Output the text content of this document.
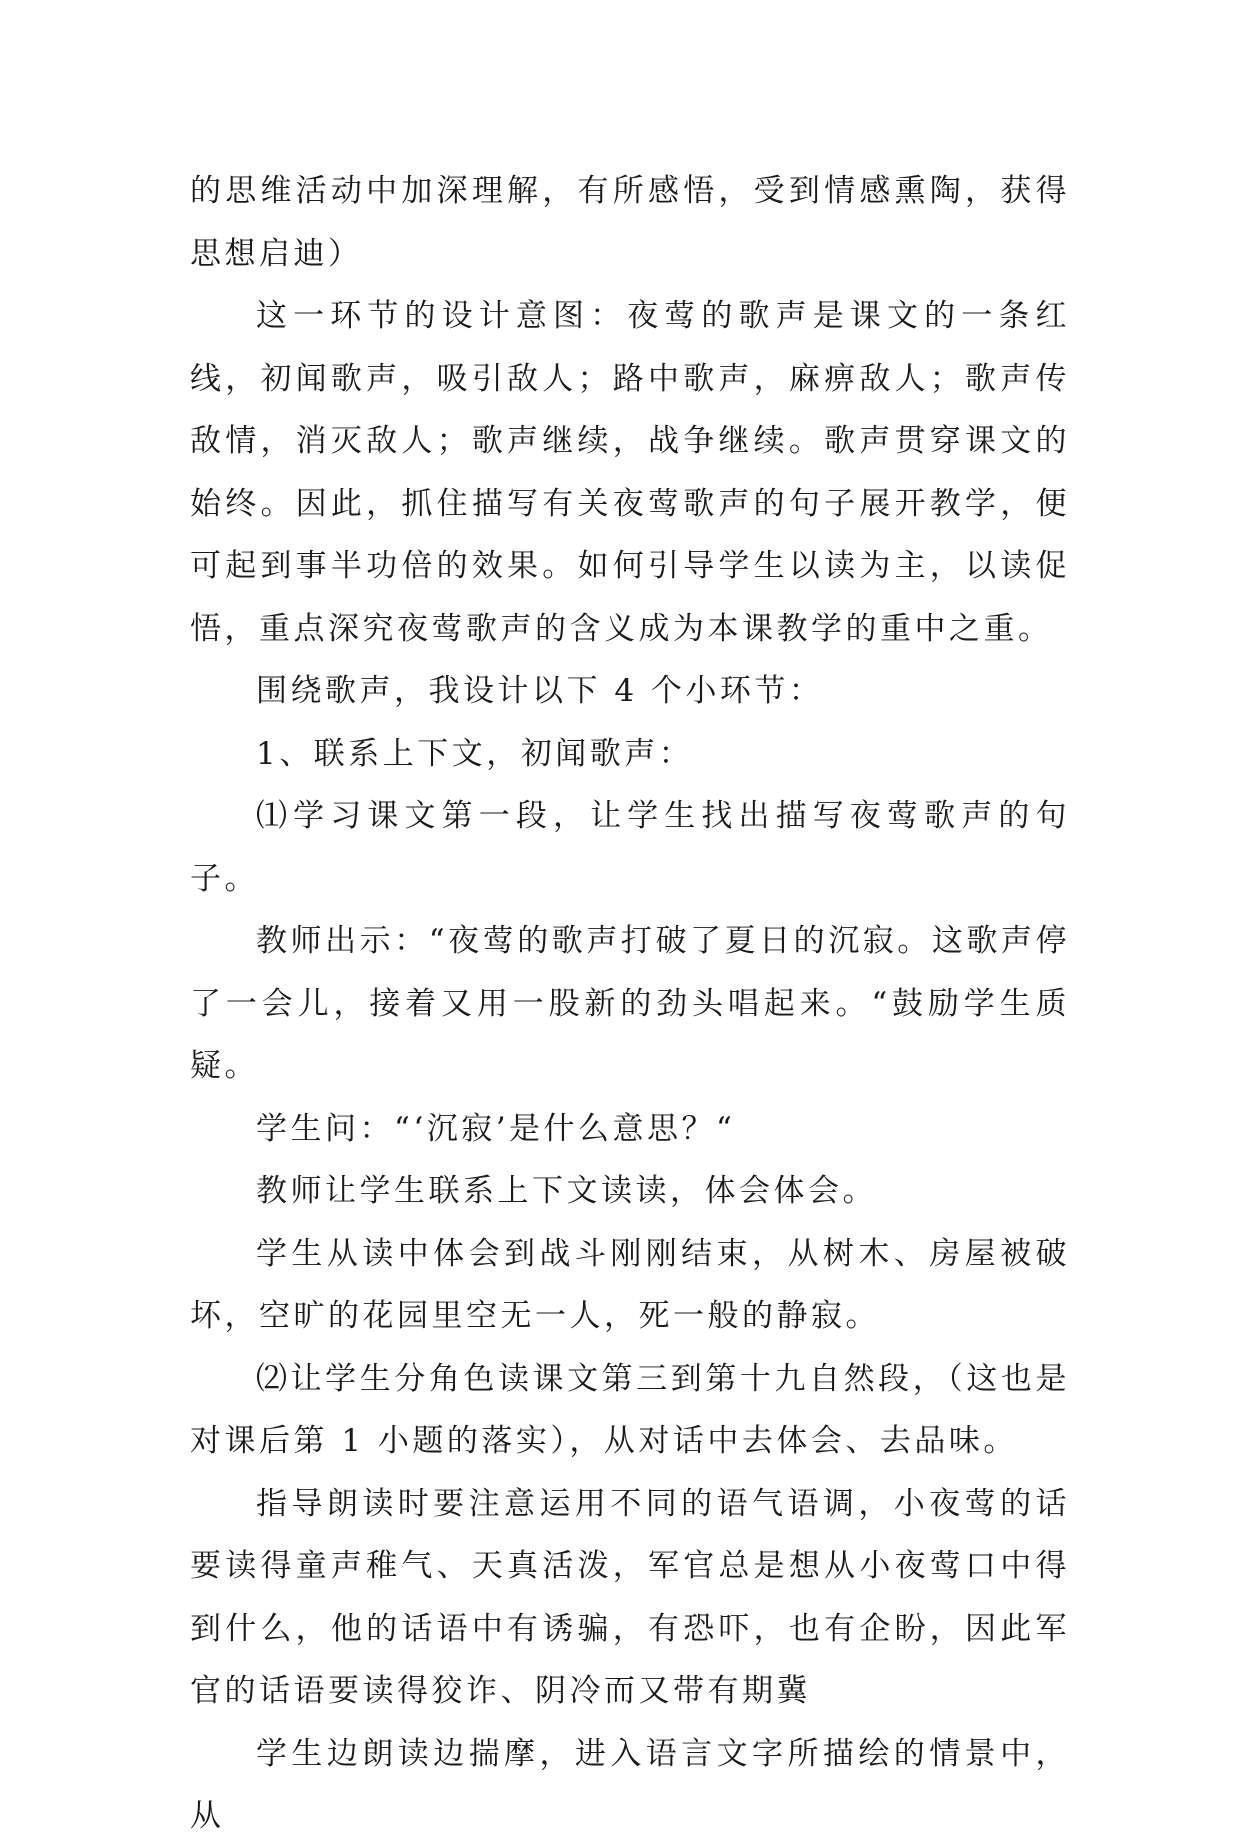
的思维活动中加深理解，有所感悟，受到情感熏陶，获得思想启迪）

这一环节的设计意图：夜莺的歌声是课文的一条红线，初闻歌声，吸引敌人；路中歌声，麻痹敌人；歌声传敌情，消灭敌人；歌声继续，战争继续。歌声贯穿课文的始终。因此，抓住描写有关夜莺歌声的句子展开教学，便可起到事半功倍的效果。如何引导学生以读为主，以读促悟，重点深究夜莺歌声的含义成为本课教学的重中之重。

围绕歌声，我设计以下 4 个小环节：

1、联系上下文，初闻歌声：

⑴学习课文第一段，让学生找出描写夜莺歌声的句子。

教师出示：“夜莺的歌声打破了夏日的沉寂。这歌声停了一会儿，接着又用一股新的劲头唱起来。“鼓励学生质疑。

学生问：“‘沉寂’是什么意思？“

教师让学生联系上下文读读，体会体会。

学生从读中体会到战斗刚刚结束，从树木、房屋被破坏，空旷的花园里空无一人，死一般的静寂。

⑵让学生分角色读课文第三到第十九自然段，（这也是对课后第 1 小题的落实），从对话中去体会、去品味。

指导朗读时要注意运用不同的语气语调，小夜莺的话要读得童声稚气、天真活泼，军官总是想从小夜莺口中得到什么，他的话语中有诱骗，有恐吓，也有企盼，因此军官的话语要读得狡诈、阴冷而又带有期冀

学生边朗读边揣摩，进入语言文字所描绘的情景中，从
